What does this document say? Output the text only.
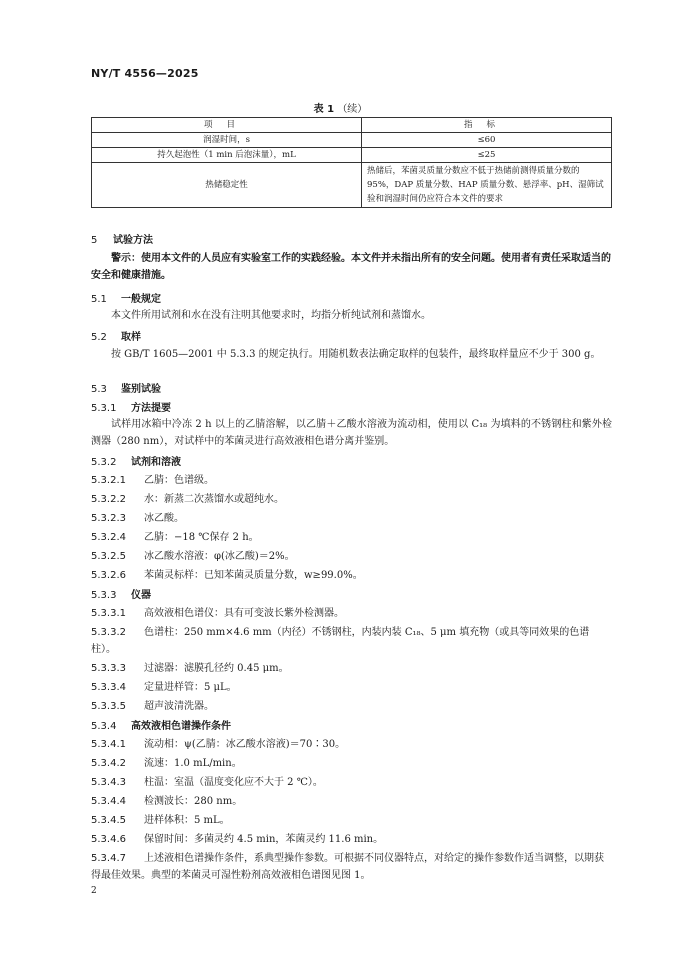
NY/T 4556—2025
表 1 （续）
项目	指标
润湿时间，s	≤60
持久起泡性（1 min 后泡沫量），mL	≤25
热储稳定性	热储后，苯菌灵质量分数应不低于热储前测得质量分数的 95%，DAP 质量分数、HAP 质量分数、悬浮率、pH、湿筛试验和润湿时间仍应符合本文件的要求
5 试验方法
警示：使用本文件的人员应有实验室工作的实践经验。本文件并未指出所有的安全问题。使用者有责任采取适当的安全和健康措施。
5.1 一般规定
本文件所用试剂和水在没有注明其他要求时，均指分析纯试剂和蒸馏水。
5.2 取样
按 GB/T 1605—2001 中 5.3.3 的规定执行。用随机数表法确定取样的包装件，最终取样量应不少于 300 g。
5.3 鉴别试验
5.3.1 方法提要
试样用冰箱中冷冻 2 h 以上的乙腈溶解，以乙腈＋乙酸水溶液为流动相，使用以 C₁₈ 为填料的不锈钢柱和紫外检测器（280 nm），对试样中的苯菌灵进行高效液相色谱分离并鉴别。
5.3.2 试剂和溶液
5.3.2.1 乙腈：色谱级。
5.3.2.2 水：新蒸二次蒸馏水或超纯水。
5.3.2.3 冰乙酸。
5.3.2.4 乙腈：−18 ℃保存 2 h。
5.3.2.5 冰乙酸水溶液：φ(冰乙酸)＝2%。
5.3.2.6 苯菌灵标样：已知苯菌灵质量分数，w≥99.0%。
5.3.3 仪器
5.3.3.1 高效液相色谱仪：具有可变波长紫外检测器。
5.3.3.2 色谱柱：250 mm×4.6 mm（内径）不锈钢柱，内装内装 C₁₈、5 μm 填充物（或具等同效果的色谱柱）。
5.3.3.3 过滤器：滤膜孔径约 0.45 μm。
5.3.3.4 定量进样管：5 μL。
5.3.3.5 超声波清洗器。
5.3.4 高效液相色谱操作条件
5.3.4.1 流动相：ψ(乙腈：冰乙酸水溶液)＝70∶30。
5.3.4.2 流速：1.0 mL/min。
5.3.4.3 柱温：室温（温度变化应不大于 2 ℃）。
5.3.4.4 检测波长：280 nm。
5.3.4.5 进样体积：5 mL。
5.3.4.6 保留时间：多菌灵约 4.5 min，苯菌灵约 11.6 min。
5.3.4.7 上述液相色谱操作条件，系典型操作参数。可根据不同仪器特点，对给定的操作参数作适当调整，以期获得最佳效果。典型的苯菌灵可湿性粉剂高效液相色谱图见图 1。
2
